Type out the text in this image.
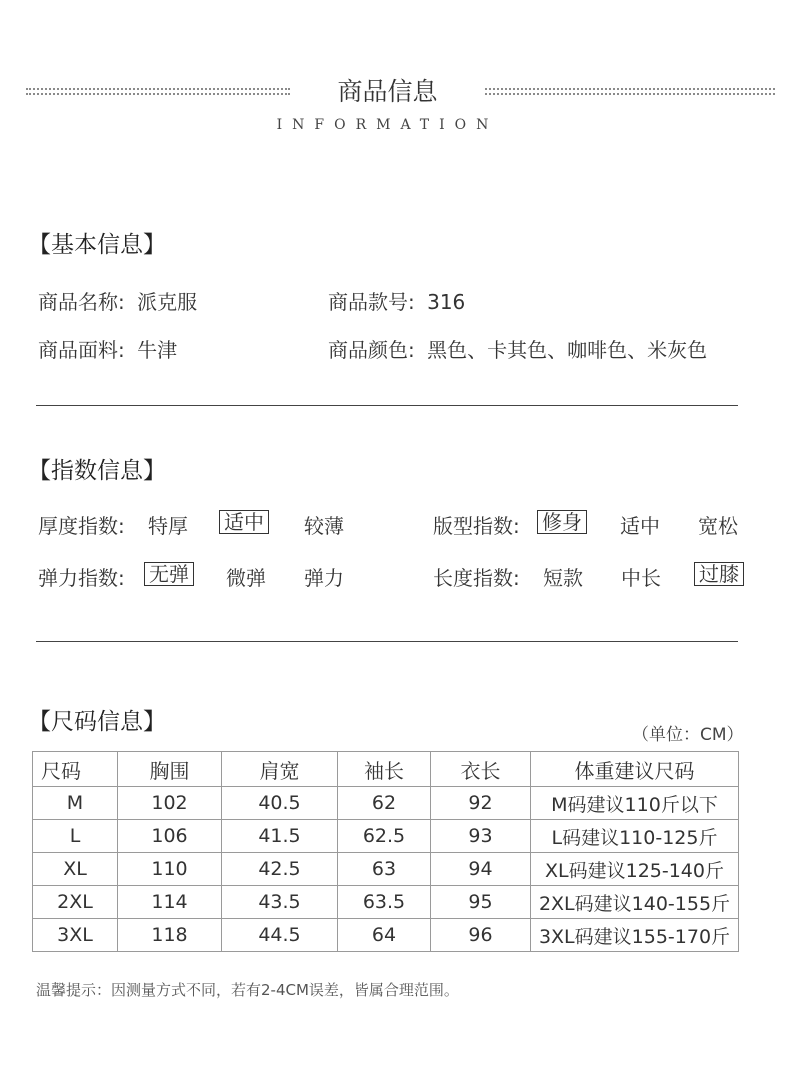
商品信息
INFORMATION
【基本信息】
商品名称: 派克服	商品款号: 316
商品面料: 牛津	商品颜色: 黑色、卡其色、咖啡色、米灰色
【指数信息】
厚度指数: 特厚 适中 较薄	版型指数: 修身 适中 宽松
弹力指数: 无弹 微弹 弹力	长度指数: 短款 中长 过膝
【尺码信息】	（单位：CM）
尺码	胸围	肩宽	袖长	衣长	体重建议尺码
M	102	40.5	62	92	M码建议110斤以下
L	106	41.5	62.5	93	L码建议110-125斤
XL	110	42.5	63	94	XL码建议125-140斤
2XL	114	43.5	63.5	95	2XL码建议140-155斤
3XL	118	44.5	64	96	3XL码建议155-170斤
温馨提示：因测量方式不同，若有2-4CM误差，皆属合理范围。
